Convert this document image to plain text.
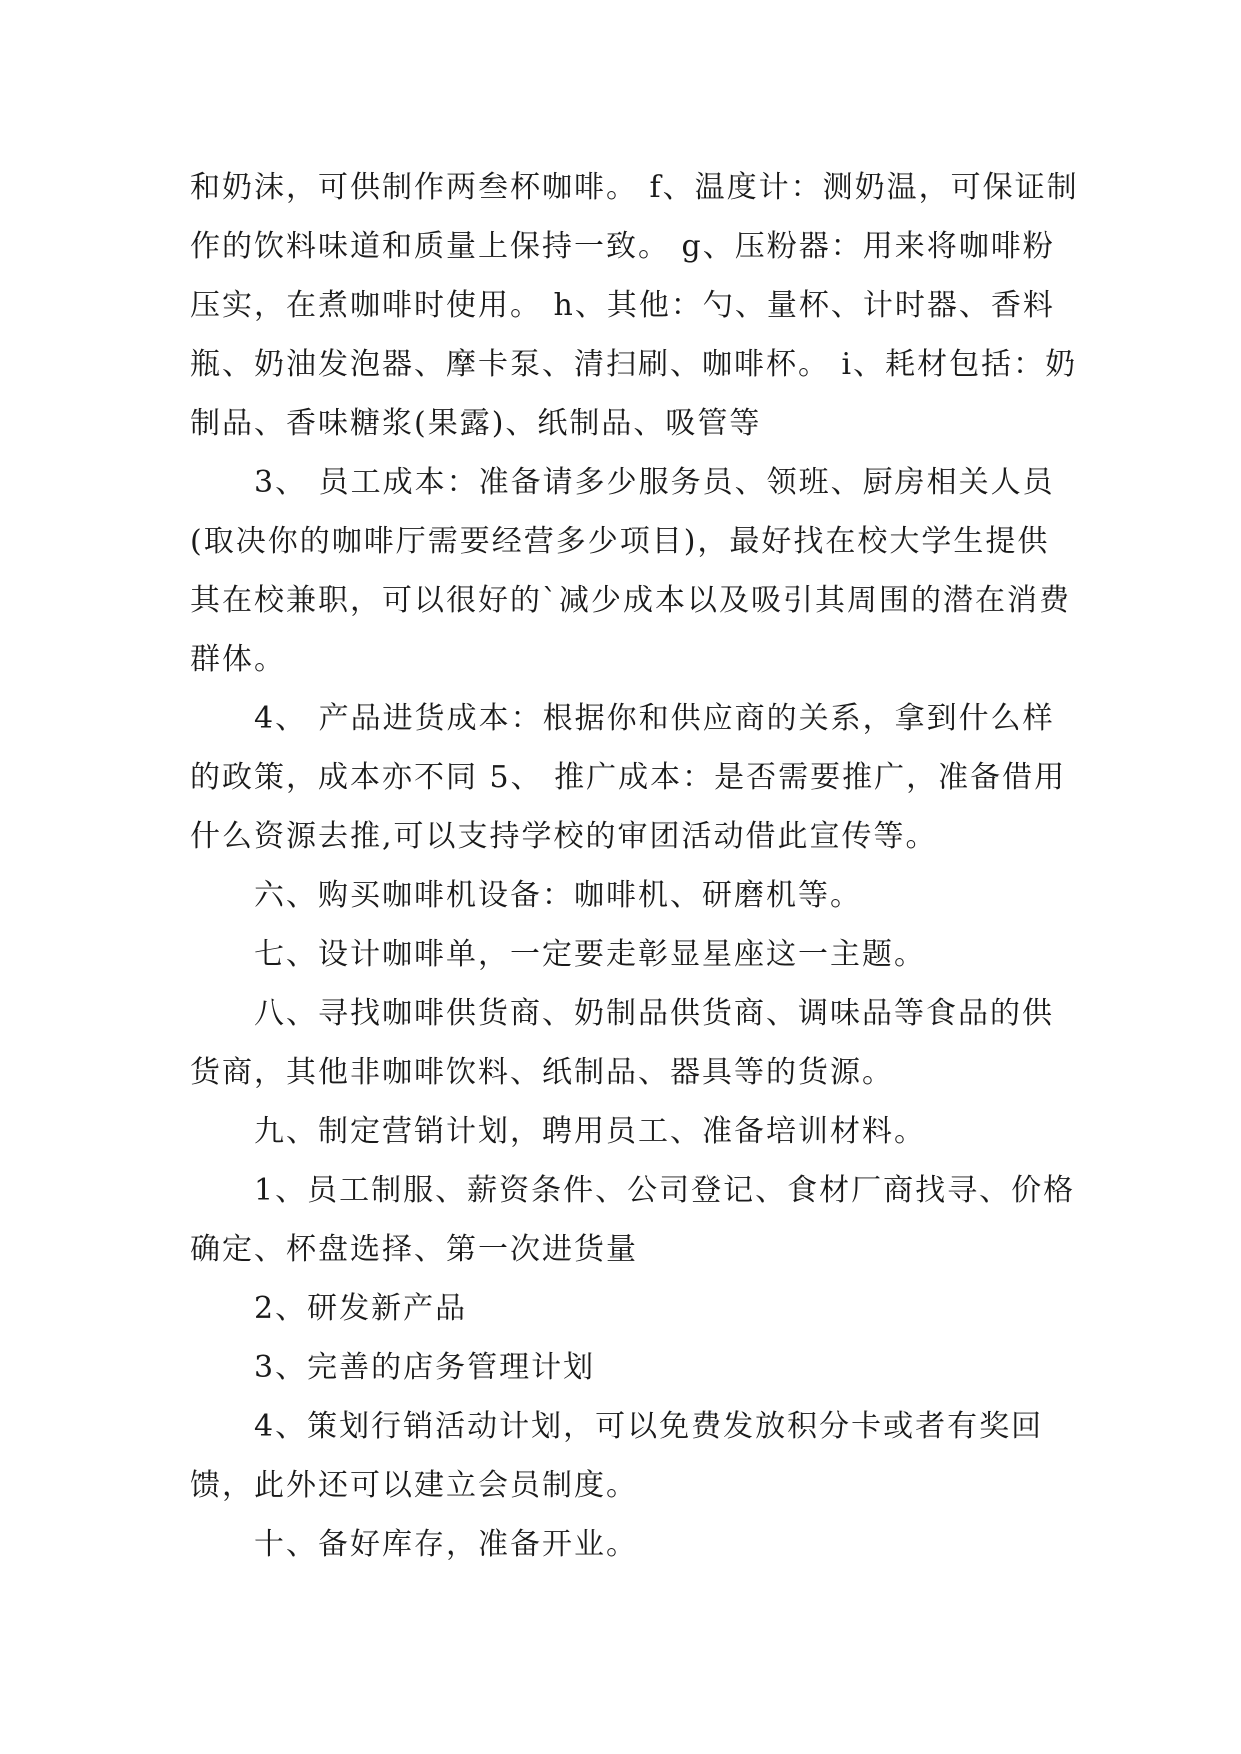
和奶沫，可供制作两叁杯咖啡。 f、温度计：测奶温，可保证制作的饮料味道和质量上保持一致。 g、压粉器：用来将咖啡粉压实，在煮咖啡时使用。 h、其他：勺、量杯、计时器、香料瓶、奶油发泡器、摩卡泵、清扫刷、咖啡杯。 i、耗材包括：奶制品、香味糖浆(果露)、纸制品、吸管等

3、 员工成本：准备请多少服务员、领班、厨房相关人员(取决你的咖啡厅需要经营多少项目)，最好找在校大学生提供其在校兼职，可以很好的`减少成本以及吸引其周围的潜在消费群体。

4、 产品进货成本：根据你和供应商的关系，拿到什么样的政策，成本亦不同 5、 推广成本：是否需要推广，准备借用什么资源去推,可以支持学校的审团活动借此宣传等。

六、购买咖啡机设备：咖啡机、研磨机等。

七、设计咖啡单，一定要走彰显星座这一主题。

八、寻找咖啡供货商、奶制品供货商、调味品等食品的供货商，其他非咖啡饮料、纸制品、器具等的货源。

九、制定营销计划，聘用员工、准备培训材料。

1、员工制服、薪资条件、公司登记、食材厂商找寻、价格确定、杯盘选择、第一次进货量

2、研发新产品

3、完善的店务管理计划

4、策划行销活动计划，可以免费发放积分卡或者有奖回馈，此外还可以建立会员制度。

十、备好库存，准备开业。
